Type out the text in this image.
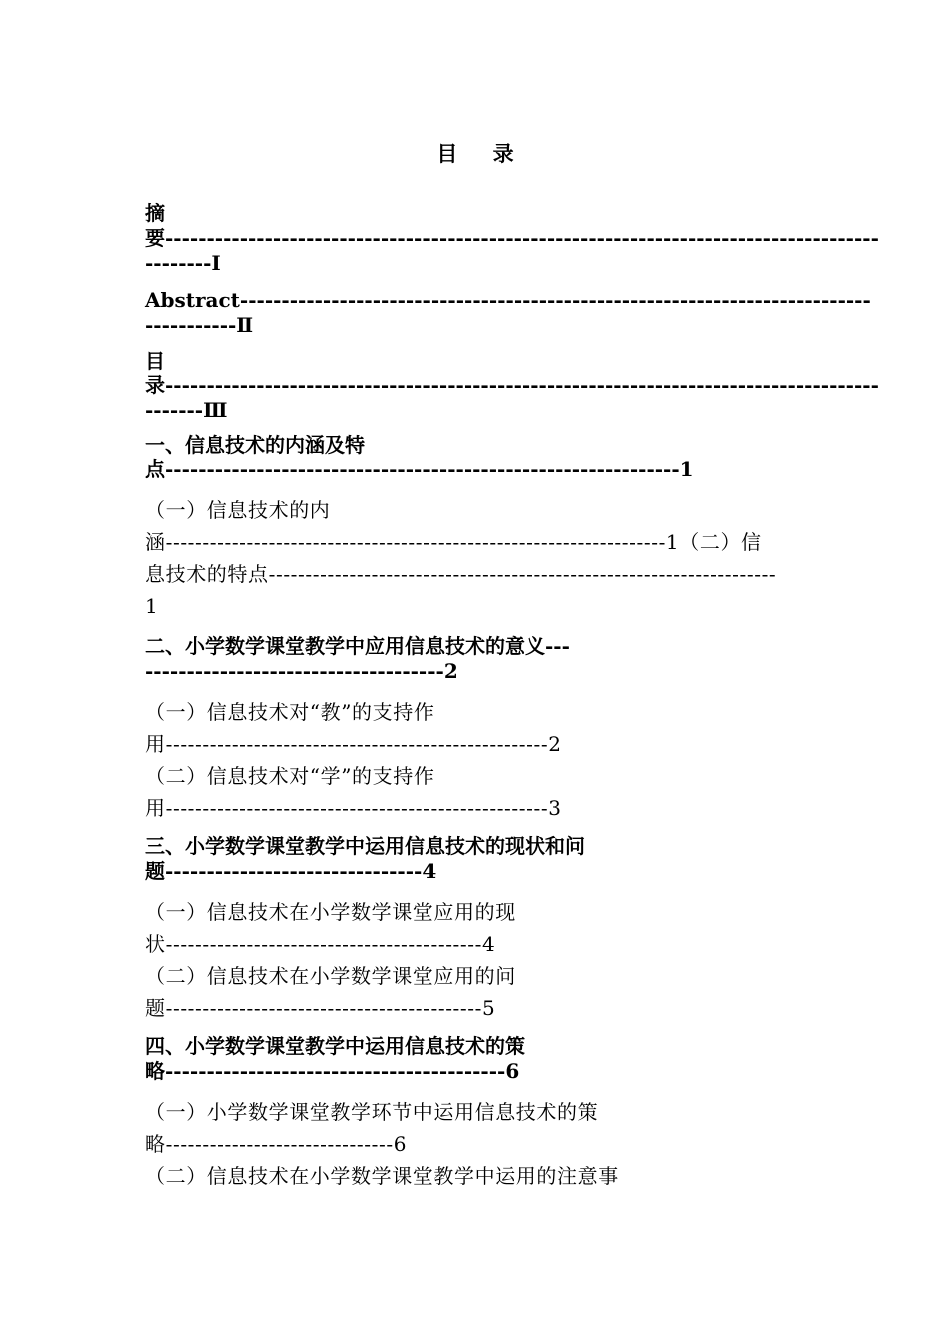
目 录
摘
要--------------------------------------------------------------------------------------
--------I
Abstract----------------------------------------------------------------------------
-----------Ⅱ
目
录--------------------------------------------------------------------------------------
-------Ⅲ
一、信息技术的内涵及特
点--------------------------------------------------------------1
（一）信息技术的内
涵--------------------------------------------------------------------1（二）信
息技术的特点---------------------------------------------------------------------
1
二、小学数学课堂教学中应用信息技术的意义---
------------------------------------2
（一）信息技术对“教”的支持作
用----------------------------------------------------2
（二）信息技术对“学”的支持作
用----------------------------------------------------3
三、小学数学课堂教学中运用信息技术的现状和问
题-------------------------------4
（一）信息技术在小学数学课堂应用的现
状-------------------------------------------4
（二）信息技术在小学数学课堂应用的问
题-------------------------------------------5
四、小学数学课堂教学中运用信息技术的策
略-----------------------------------------6
（一）小学数学课堂教学环节中运用信息技术的策
略-------------------------------6
（二）信息技术在小学数学课堂教学中运用的注意事
